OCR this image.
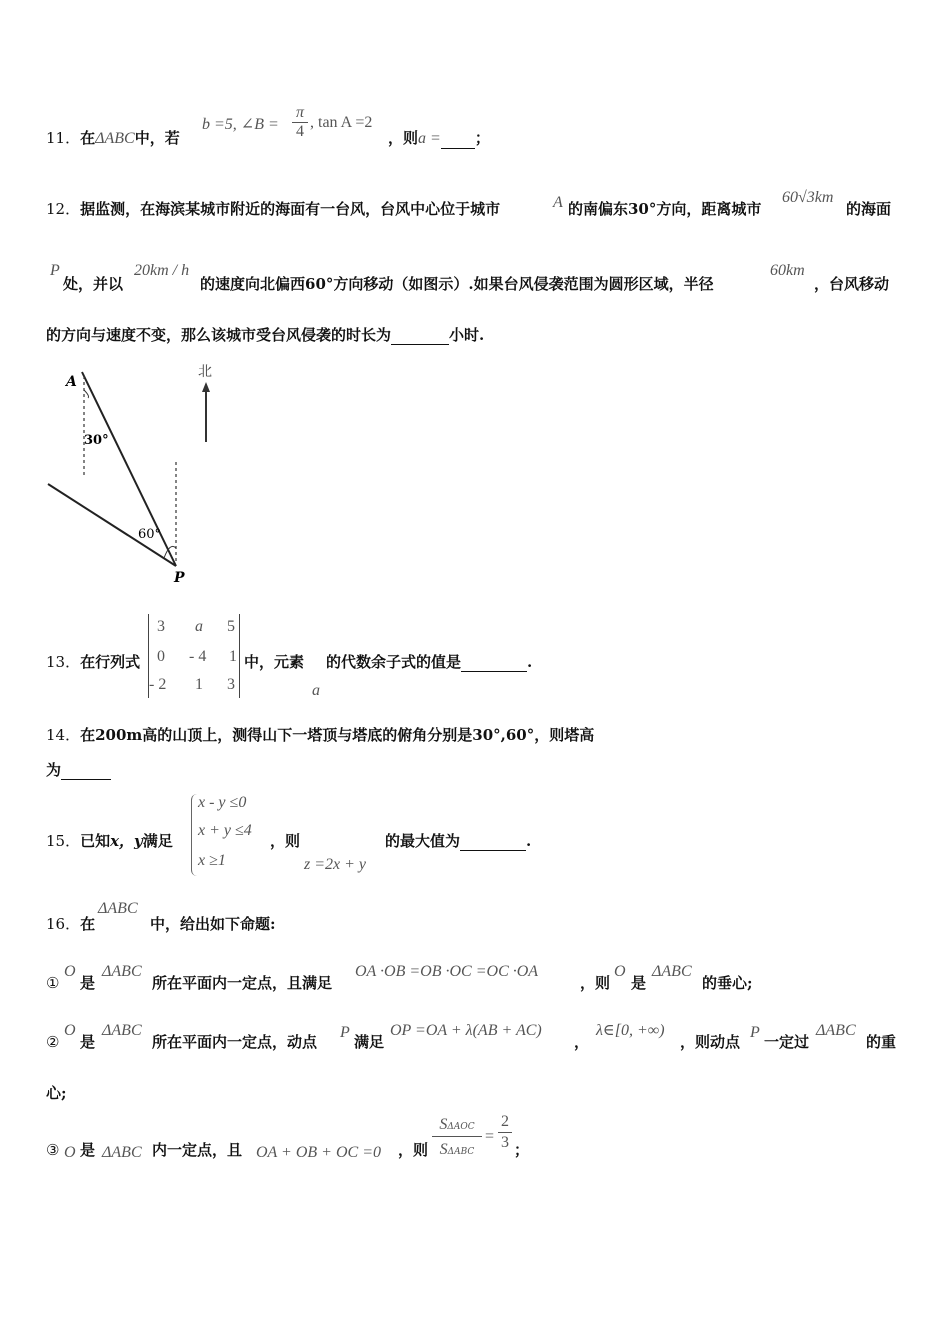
11．在ΔABC中，若
b =5, ∠B =
π
4
, tan A =2
，则a = ；
12．据监测，在海滨某城市附近的海面有一台风，台风中心位于城市	A 的南偏东30°方向，距离城市
60√3km
的海面
P
处，并以
20km / h
的速度向北偏西60°方向移动（如图示）.如果台风侵袭范围为圆形区域，半径
60km
，台风移动
的方向与速度不变，那么该城市受台风侵袭的时长为	小时.
A
30°
60°
P
北
13．在行列式
3 a 5
0 - 4 1
- 2 1 3
中，元素
a
的代数余子式的值是	.
14．在200m高的山顶上，测得山下一塔顶与塔底的俯角分别是30°,60°，则塔高
为
15．已知x，y满足
x - y ≤0
x + y ≤4
x ≥1
，则
z =2x + y
的最大值为	.
16．在
ΔABC
中，给出如下命题:
①
O
是
ΔABC
所在平面内一定点，且满足
OA ·OB =OB ·OC =OC ·OA
，则
O
是
ΔABC
的垂心;
②
O
是
ΔABC
所在平面内一定点，动点
P
满足
OP =OA + λ(AB + AC)
，
λ∈[0, +∞)
，则动点
P
一定过
ΔABC
的重
心;
③ O 是 ΔABC 内一定点，且 OA + OB + OC =0 ，则
SΔAOC
SΔABC
=
2
3 ；
